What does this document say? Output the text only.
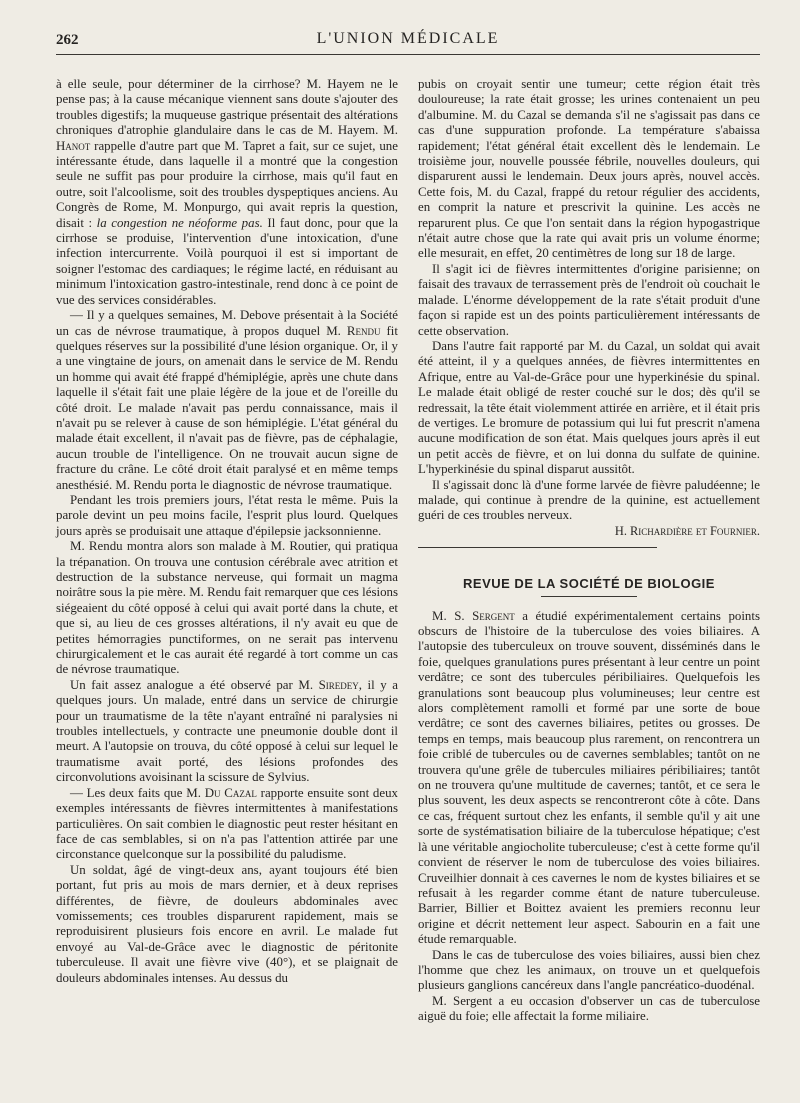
262	L'UNION MÉDICALE

à elle seule, pour déterminer de la cirrhose? M. Hayem ne le pense pas; à la cause mécanique viennent sans doute s'ajouter des troubles digestifs; la muqueuse gastrique présentait des altérations chroniques d'atrophie glandulaire dans le cas de M. Hayem. M. Hanot rappelle d'autre part que M. Tapret a fait, sur ce sujet, une intéressante étude, dans laquelle il a montré que la congestion seule ne suffit pas pour produire la cirrhose, mais qu'il faut en outre, soit l'alcoolisme, soit des troubles dyspeptiques anciens. Au Congrès de Rome, M. Monpurgo, qui avait repris la question, disait : la congestion ne néoforme pas. Il faut donc, pour que la cirrhose se produise, l'intervention d'une intoxication, d'une infection intercurrente. Voilà pourquoi il est si important de soigner l'estomac des cardiaques; le régime lacté, en réduisant au minimum l'intoxication gastro-intestinale, rend donc à ce point de vue des services considérables.

— Il y a quelques semaines, M. Debove présentait à la Société un cas de névrose traumatique, à propos duquel M. Rendu fit quelques réserves sur la possibilité d'une lésion organique. Or, il y a une vingtaine de jours, on amenait dans le service de M. Rendu un homme qui avait été frappé d'hémiplégie, après une chute dans laquelle il s'était fait une plaie légère de la joue et de l'oreille du côté droit. Le malade n'avait pas perdu connaissance, mais il n'avait pu se relever à cause de son hémiplégie. L'état général du malade était excellent, il n'avait pas de fièvre, pas de céphalagie, aucun trouble de l'intelligence. On ne trouvait aucun signe de fracture du crâne. Le côté droit était paralysé et en même temps anesthésié. M. Rendu porta le diagnostic de névrose traumatique.

Pendant les trois premiers jours, l'état resta le même. Puis la parole devint un peu moins facile, l'esprit plus lourd. Quelques jours après se produisait une attaque d'épilepsie jacksonnienne.

M. Rendu montra alors son malade à M. Routier, qui pratiqua la trépanation. On trouva une contusion cérébrale avec atrition et destruction de la substance nerveuse, qui formait un magma noirâtre sous la pie mère. M. Rendu fait remarquer que ces lésions siégeaient du côté opposé à celui qui avait porté dans la chute, et que si, au lieu de ces grosses altérations, il n'y avait eu que de petites hémorragies punctiformes, on ne serait pas intervenu chirurgicalement et le cas aurait été regardé à tort comme un cas de névrose traumatique.

Un fait assez analogue a été observé par M. Siredey, il y a quelques jours. Un malade, entré dans un service de chirurgie pour un traumatisme de la tête n'ayant entraîné ni paralysies ni troubles intellectuels, y contracte une pneumonie double dont il meurt. A l'autopsie on trouva, du côté opposé à celui sur lequel le traumatisme avait porté, des lésions profondes des circonvolutions avoisinant la scissure de Sylvius.

— Les deux faits que M. Du Cazal rapporte ensuite sont deux exemples intéressants de fièvres intermittentes à manifestations particulières. On sait combien le diagnostic peut rester hésitant en face de cas semblables, si on n'a pas l'attention attirée par une circonstance quelconque sur la possibilité du paludisme.

Un soldat, âgé de vingt-deux ans, ayant toujours été bien portant, fut pris au mois de mars dernier, et à deux reprises différentes, de fièvre, de douleurs abdominales avec vomissements; ces troubles disparurent rapidement, mais se reproduisirent plusieurs fois encore en avril. Le malade fut envoyé au Val-de-Grâce avec le diagnostic de péritonite tuberculeuse. Il avait une fièvre vive (40°), et se plaignait de douleurs abdominales intenses. Au dessus du

pubis on croyait sentir une tumeur; cette région était très douloureuse; la rate était grosse; les urines contenaient un peu d'albumine. M. du Cazal se demanda s'il ne s'agissait pas dans ce cas d'une suppuration profonde. La température s'abaissa rapidement; l'état général était excellent dès le lendemain. Le troisième jour, nouvelle poussée fébrile, nouvelles douleurs, qui disparurent aussi le lendemain. Deux jours après, nouvel accès. Cette fois, M. du Cazal, frappé du retour régulier des accidents, en comprit la nature et prescrivit la quinine. Les accès ne reparurent plus. Ce que l'on sentait dans la région hypogastrique n'était autre chose que la rate qui avait pris un volume énorme; elle mesurait, en effet, 20 centimètres de long sur 18 de large.

Il s'agit ici de fièvres intermittentes d'origine parisienne; on faisait des travaux de terrassement près de l'endroit où couchait le malade. L'énorme développement de la rate s'était produit d'une façon si rapide est un des points particulièrement intéressants de cette observation.

Dans l'autre fait rapporté par M. du Cazal, un soldat qui avait été atteint, il y a quelques années, de fièvres intermittentes en Afrique, entre au Val-de-Grâce pour une hyperkinésie du spinal. Le malade était obligé de rester couché sur le dos; dès qu'il se redressait, la tête était violemment attirée en arrière, et il était pris de vertiges. Le bromure de potassium qui lui fut prescrit n'amena aucune modification de son état. Mais quelques jours après il eut un petit accès de fièvre, et on lui donna du sulfate de quinine. L'hyperkinésie du spinal disparut aussitôt.

Il s'agissait donc là d'une forme larvée de fièvre paludéenne; le malade, qui continue à prendre de la quinine, est actuellement guéri de ces troubles nerveux.

H. Richardière et Fournier.

REVUE DE LA SOCIÉTÉ DE BIOLOGIE

M. S. Sergent a étudié expérimentalement certains points obscurs de l'histoire de la tuberculose des voies biliaires. A l'autopsie des tuberculeux on trouve souvent, disséminés dans le foie, quelques granulations pures présentant à leur centre un point verdâtre; ce sont des tubercules péribiliaires. Quelquefois les granulations sont beaucoup plus volumineuses; leur centre est alors complètement ramolli et formé par une sorte de boue verdâtre; ce sont des cavernes biliaires, petites ou grosses. De temps en temps, mais beaucoup plus rarement, on rencontrera un foie criblé de tubercules ou de cavernes semblables; tantôt on ne trouvera qu'une grêle de tubercules miliaires péribiliaires; tantôt on ne trouvera qu'une multitude de cavernes; tantôt, et ce sera le plus souvent, les deux aspects se rencontreront côte à côte. Dans ce cas, fréquent surtout chez les enfants, il semble qu'il y ait une sorte de systématisation biliaire de la tuberculose hépatique; c'est là une véritable angiocholite tuberculeuse; c'est à cette forme qu'il convient de réserver le nom de tuberculose des voies biliaires. Cruveilhier donnait à ces cavernes le nom de kystes biliaires et se refusait à les regarder comme étant de nature tuberculeuse. Barrier, Billier et Boittez avaient les premiers reconnu leur origine et décrit nettement leur aspect. Sabourin en a fait une étude remarquable.

Dans le cas de tuberculose des voies biliaires, aussi bien chez l'homme que chez les animaux, on trouve un et quelquefois plusieurs ganglions cancéreux dans l'angle pancréatico-duodénal.

M. Sergent a eu occasion d'observer un cas de tuberculose aiguë du foie; elle affectait la forme miliaire.
